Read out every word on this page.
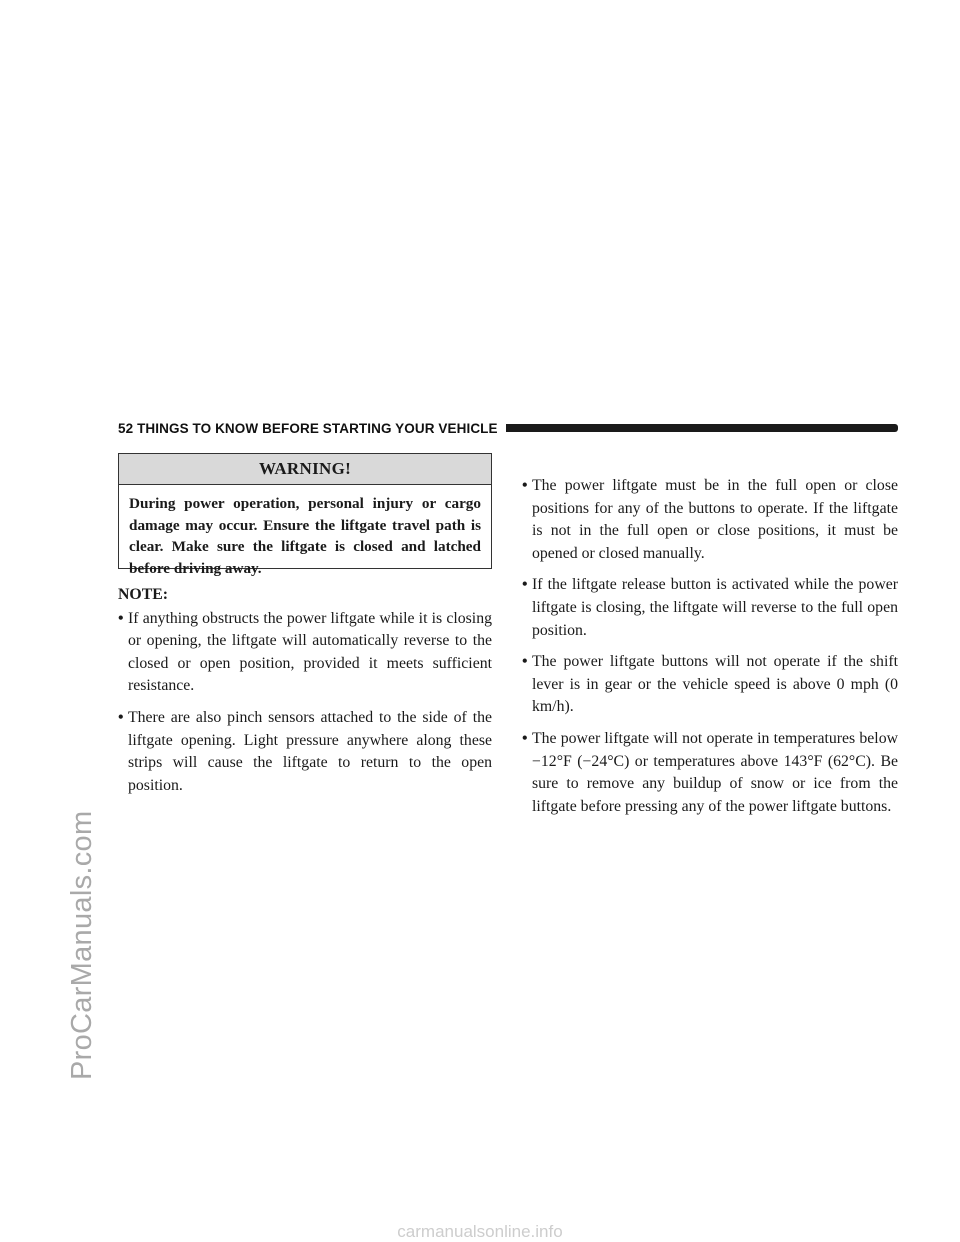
ProCarManuals.com
52 THINGS TO KNOW BEFORE STARTING YOUR VEHICLE
WARNING!
During power operation, personal injury or cargo damage may occur. Ensure the liftgate travel path is clear. Make sure the liftgate is closed and latched before driving away.
NOTE:
• If anything obstructs the power liftgate while it is closing or opening, the liftgate will automatically reverse to the closed or open position, provided it meets sufficient resistance.
• There are also pinch sensors attached to the side of the liftgate opening. Light pressure anywhere along these strips will cause the liftgate to return to the open position.
• The power liftgate must be in the full open or close positions for any of the buttons to operate. If the liftgate is not in the full open or close positions, it must be opened or closed manually.
• If the liftgate release button is activated while the power liftgate is closing, the liftgate will reverse to the full open position.
• The power liftgate buttons will not operate if the shift lever is in gear or the vehicle speed is above 0 mph (0 km/h).
• The power liftgate will not operate in temperatures below −12°F (−24°C) or temperatures above 143°F (62°C). Be sure to remove any buildup of snow or ice from the liftgate before pressing any of the power liftgate buttons.
carmanualsonline.info
